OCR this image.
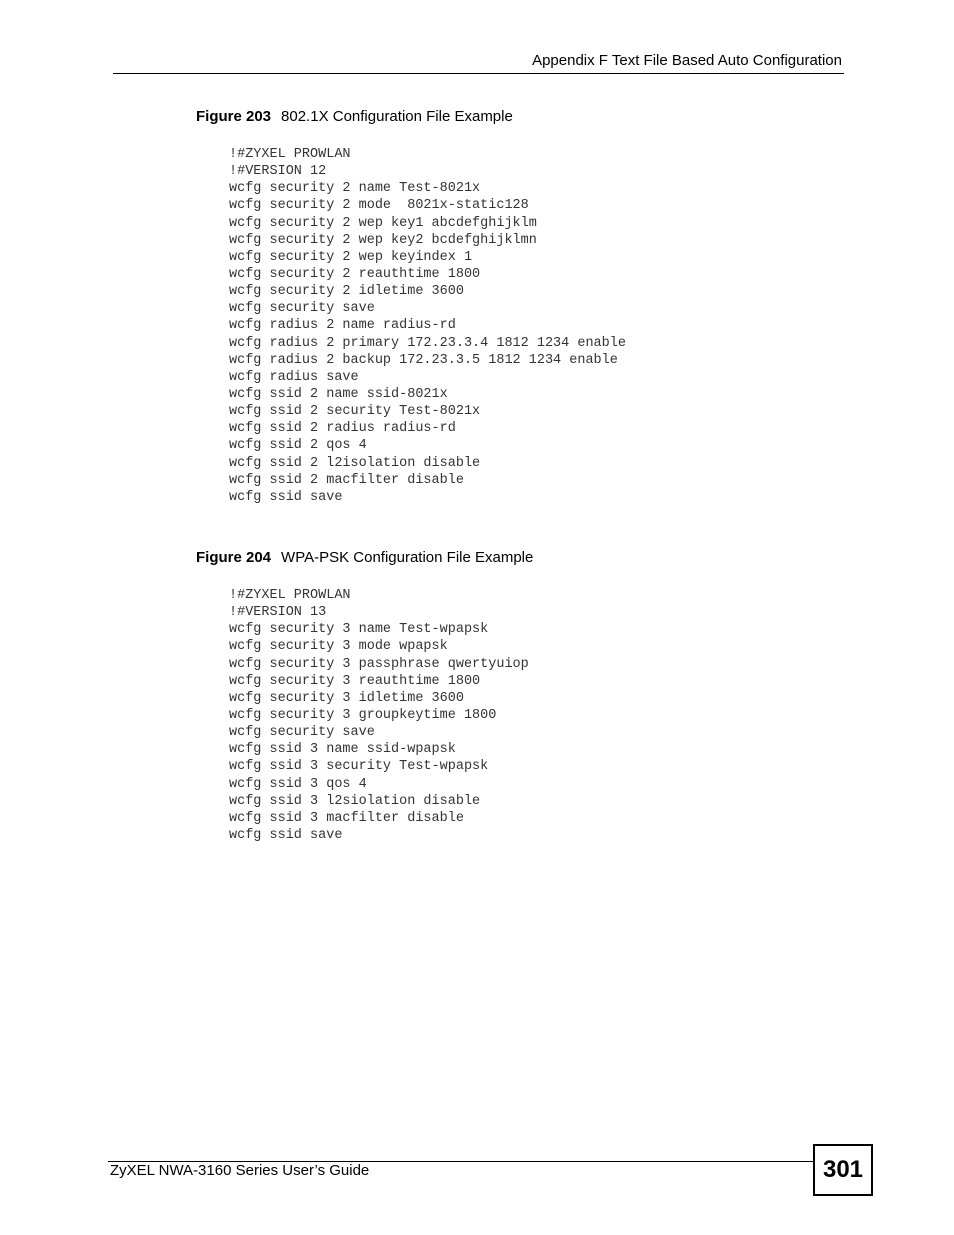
Appendix F Text File Based Auto Configuration
Figure 203 802.1X Configuration File Example
!#ZYXEL PROWLAN
!#VERSION 12
wcfg security 2 name Test-8021x
wcfg security 2 mode  8021x-static128
wcfg security 2 wep key1 abcdefghijklm
wcfg security 2 wep key2 bcdefghijklmn
wcfg security 2 wep keyindex 1
wcfg security 2 reauthtime 1800
wcfg security 2 idletime 3600
wcfg security save
wcfg radius 2 name radius-rd
wcfg radius 2 primary 172.23.3.4 1812 1234 enable
wcfg radius 2 backup 172.23.3.5 1812 1234 enable
wcfg radius save
wcfg ssid 2 name ssid-8021x
wcfg ssid 2 security Test-8021x
wcfg ssid 2 radius radius-rd
wcfg ssid 2 qos 4
wcfg ssid 2 l2isolation disable
wcfg ssid 2 macfilter disable
wcfg ssid save
Figure 204 WPA-PSK Configuration File Example
!#ZYXEL PROWLAN
!#VERSION 13
wcfg security 3 name Test-wpapsk
wcfg security 3 mode wpapsk
wcfg security 3 passphrase qwertyuiop
wcfg security 3 reauthtime 1800
wcfg security 3 idletime 3600
wcfg security 3 groupkeytime 1800
wcfg security save
wcfg ssid 3 name ssid-wpapsk
wcfg ssid 3 security Test-wpapsk
wcfg ssid 3 qos 4
wcfg ssid 3 l2siolation disable
wcfg ssid 3 macfilter disable
wcfg ssid save
ZyXEL NWA-3160 Series User’s Guide	301
